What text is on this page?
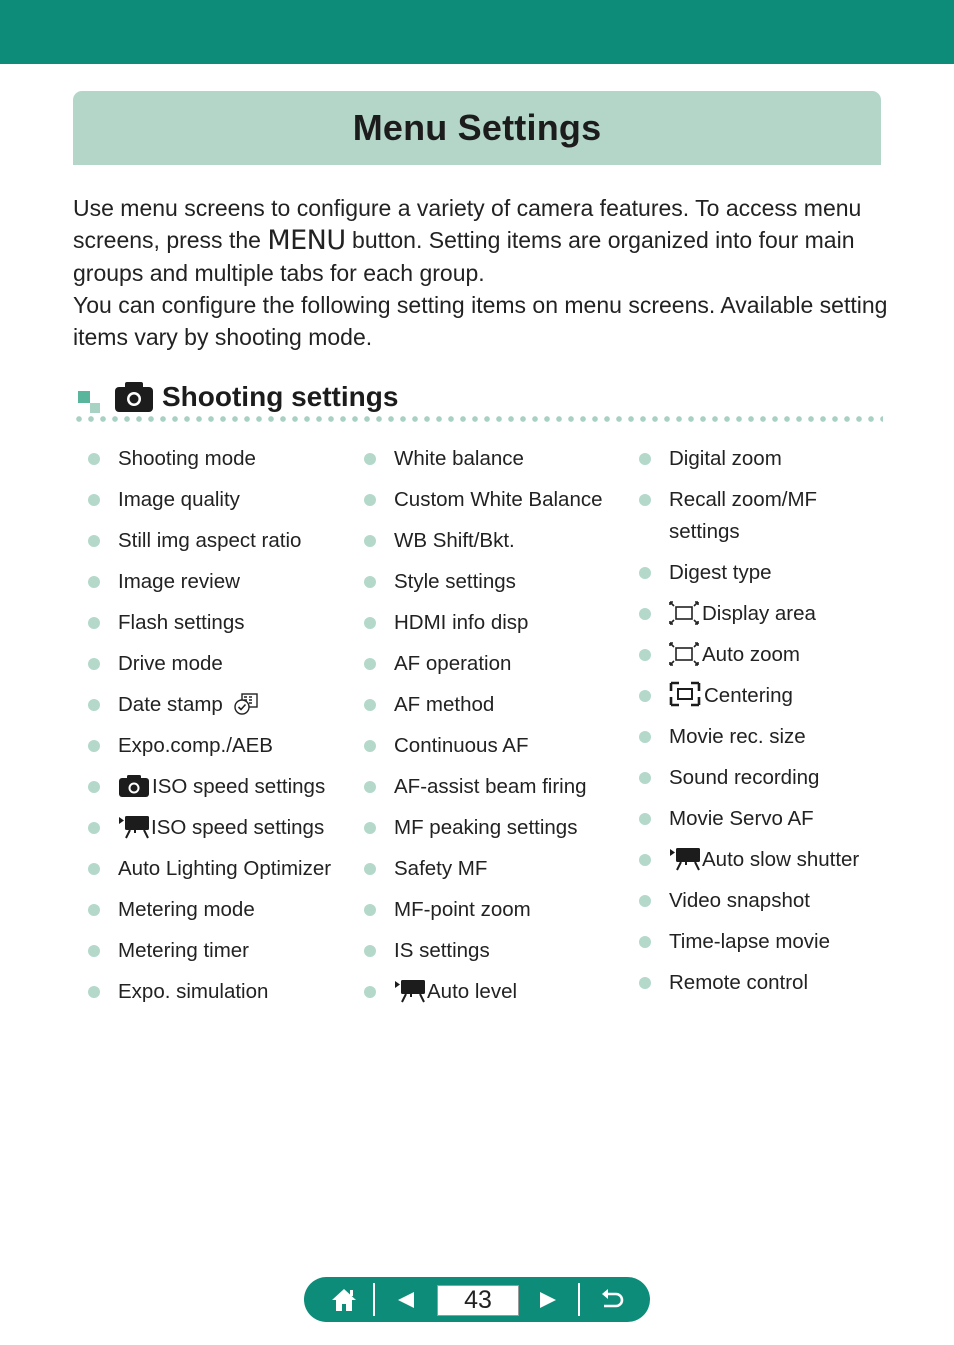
Menu Settings

Use menu screens to configure a variety of camera features. To access menu screens, press the MENU button. Setting items are organized into four main groups and multiple tabs for each group.

You can configure the following setting items on menu screens. Available setting items vary by shooting mode.

Shooting settings
Shooting mode
Image quality
Still img aspect ratio
Image review
Flash settings
Drive mode
Date stamp
Expo.comp./AEB
ISO speed settings
ISO speed settings
Auto Lighting Optimizer
Metering mode
Metering timer
Expo. simulation
White balance
Custom White Balance
WB Shift/Bkt.
Style settings
HDMI info disp
AF operation
AF method
Continuous AF
AF-assist beam firing
MF peaking settings
Safety MF
MF-point zoom
IS settings
Auto level
Digital zoom
Recall zoom/MF settings
Digest type
Display area
Auto zoom
Centering
Movie rec. size
Sound recording
Movie Servo AF
Auto slow shutter
Video snapshot
Time-lapse movie
Remote control
43
